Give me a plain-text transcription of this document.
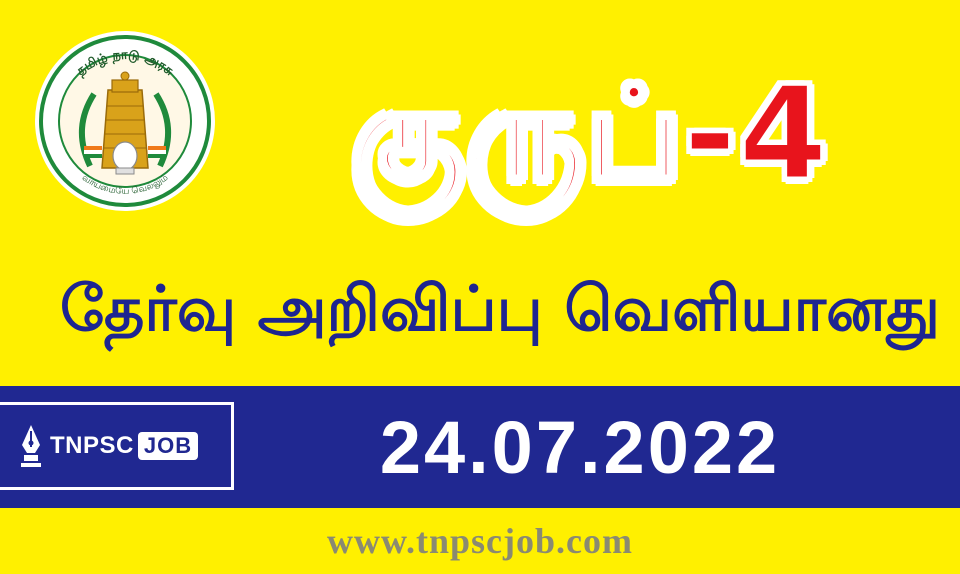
தமிழ் நாடு அரசு
வாய்மையே வெல்லும்	குருப்-4
தேர்வு அறிவிப்பு வெளியானது
TNPSC JOB	24.07.2022
www.tnpscjob.com
